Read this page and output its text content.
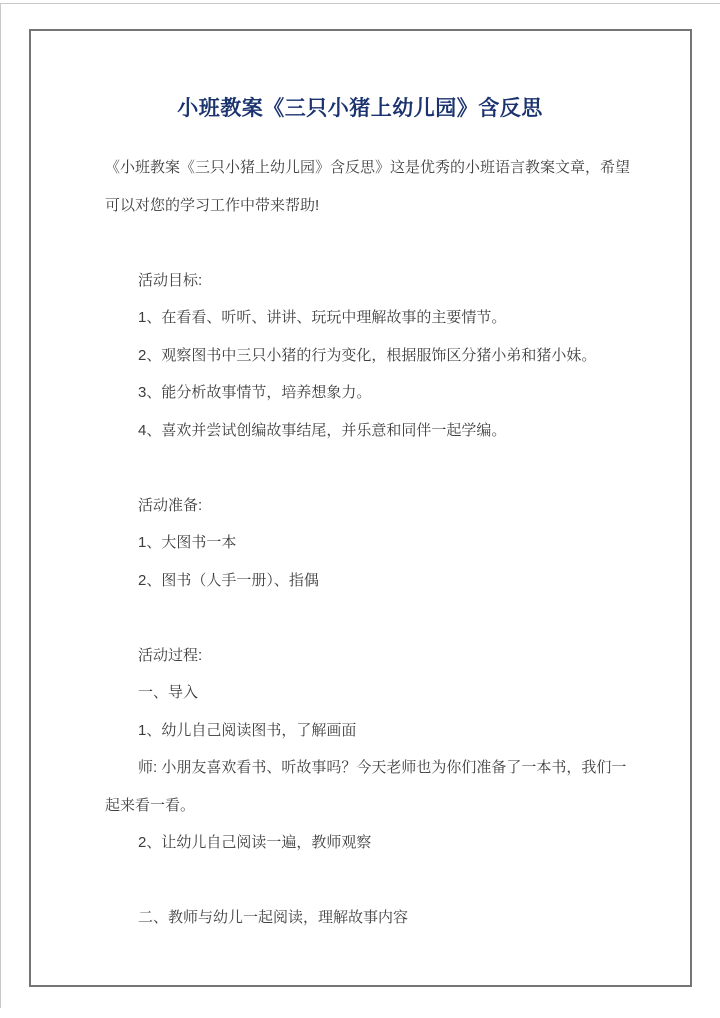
小班教案《三只小猪上幼儿园》含反思

《小班教案《三只小猪上幼儿园》含反思》这是优秀的小班语言教案文章，希望可以对您的学习工作中带来帮助!

活动目标:

1、在看看、听听、讲讲、玩玩中理解故事的主要情节。

2、观察图书中三只小猪的行为变化，根据服饰区分猪小弟和猪小妹。

3、能分析故事情节，培养想象力。

4、喜欢并尝试创编故事结尾，并乐意和同伴一起学编。

活动准备:

1、大图书一本

2、图书（人手一册）、指偶

活动过程:

一、导入

1、幼儿自己阅读图书，了解画面

师: 小朋友喜欢看书、听故事吗？今天老师也为你们准备了一本书，我们一起来看一看。

2、让幼儿自己阅读一遍，教师观察

二、教师与幼儿一起阅读，理解故事内容
